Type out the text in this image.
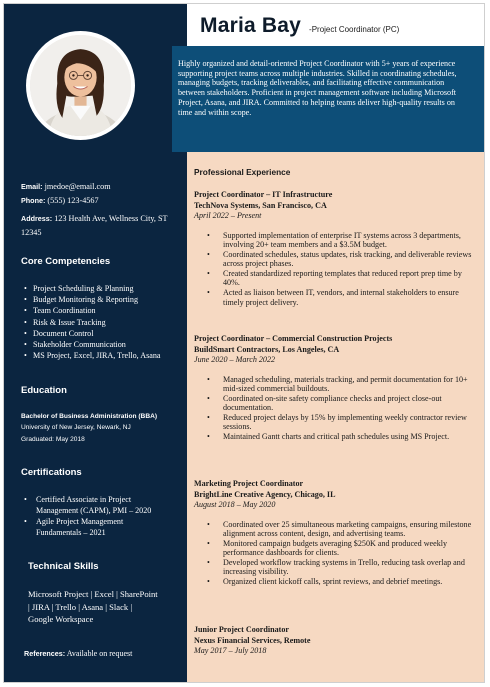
Maria Bay -Project Coordinator (PC)

Highly organized and detail-oriented Project Coordinator with 5+ years of experience supporting project teams across multiple industries. Skilled in coordinating schedules, managing budgets, tracking deliverables, and facilitating effective communication between stakeholders. Proficient in project management software including Microsoft Project, Asana, and JIRA. Committed to helping teams deliver high-quality results on time and within scope.

Email: jmedoe@email.com
Phone: (555) 123-4567
Address: 123 Health Ave, Wellness City, ST 12345
Core Competencies
• Project Scheduling & Planning
• Budget Monitoring & Reporting
• Team Coordination
• Risk & Issue Tracking
• Document Control
• Stakeholder Communication
• MS Project, Excel, JIRA, Trello, Asana
Education
Bachelor of Business Administration (BBA)
University of New Jersey, Newark, NJ
Graduated: May 2018
Certifications
• Certified Associate in Project Management (CAPM), PMI – 2020
• Agile Project Management Fundamentals – 2021
Technical Skills
Microsoft Project | Excel | SharePoint | JIRA | Trello | Asana | Slack | Google Workspace
References: Available on request
Professional Experience
Project Coordinator – IT Infrastructure
TechNova Systems, San Francisco, CA
April 2022 – Present
• Supported implementation of enterprise IT systems across 3 departments, involving 20+ team members and a $3.5M budget.
• Coordinated schedules, status updates, risk tracking, and deliverable reviews across project phases.
• Created standardized reporting templates that reduced report prep time by 40%.
• Acted as liaison between IT, vendors, and internal stakeholders to ensure timely project delivery.
Project Coordinator – Commercial Construction Projects
BuildSmart Contractors, Los Angeles, CA
June 2020 – March 2022
• Managed scheduling, materials tracking, and permit documentation for 10+ mid-sized commercial buildouts.
• Coordinated on-site safety compliance checks and project close-out documentation.
• Reduced project delays by 15% by implementing weekly contractor review sessions.
• Maintained Gantt charts and critical path schedules using MS Project.
Marketing Project Coordinator
BrightLine Creative Agency, Chicago, IL
August 2018 – May 2020
• Coordinated over 25 simultaneous marketing campaigns, ensuring milestone alignment across content, design, and advertising teams.
• Monitored campaign budgets averaging $250K and produced weekly performance dashboards for clients.
• Developed workflow tracking systems in Trello, reducing task overlap and increasing visibility.
• Organized client kickoff calls, sprint reviews, and debrief meetings.
Junior Project Coordinator
Nexus Financial Services, Remote
May 2017 – July 2018
